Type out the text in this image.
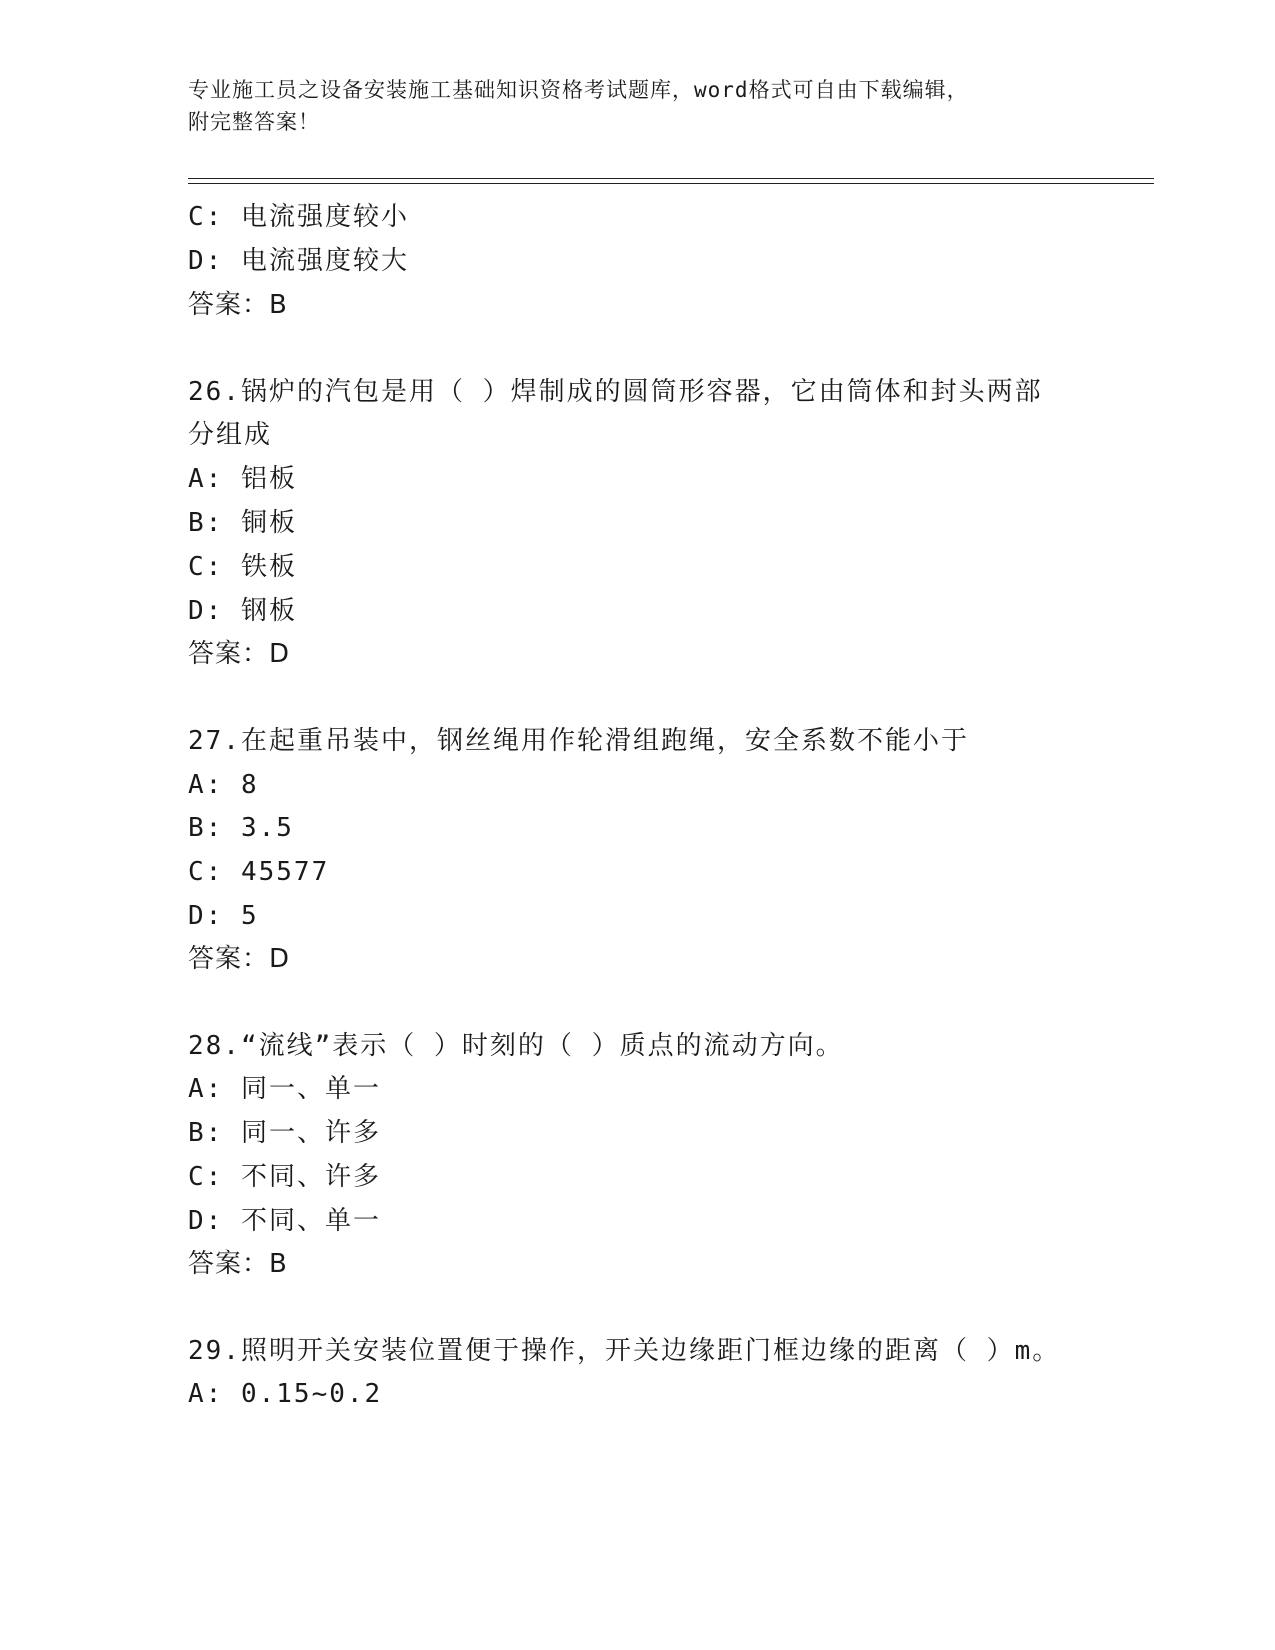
专业施工员之设备安装施工基础知识资格考试题库，word格式可自由下载编辑，
附完整答案！
C: 电流强度较小
D: 电流强度较大
答案：B
26.锅炉的汽包是用（ ）焊制成的圆筒形容器，它由筒体和封头两部
分组成
A: 铝板
B: 铜板
C: 铁板
D: 钢板
答案：D
27.在起重吊装中，钢丝绳用作轮滑组跑绳，安全系数不能小于
A: 8
B: 3.5
C: 45577
D: 5
答案：D
28.“流线”表示（ ）时刻的（ ）质点的流动方向。
A: 同一、单一
B: 同一、许多
C: 不同、许多
D: 不同、单一
答案：B
29.照明开关安装位置便于操作，开关边缘距门框边缘的距离（ ）m。
A: 0.15~0.2
